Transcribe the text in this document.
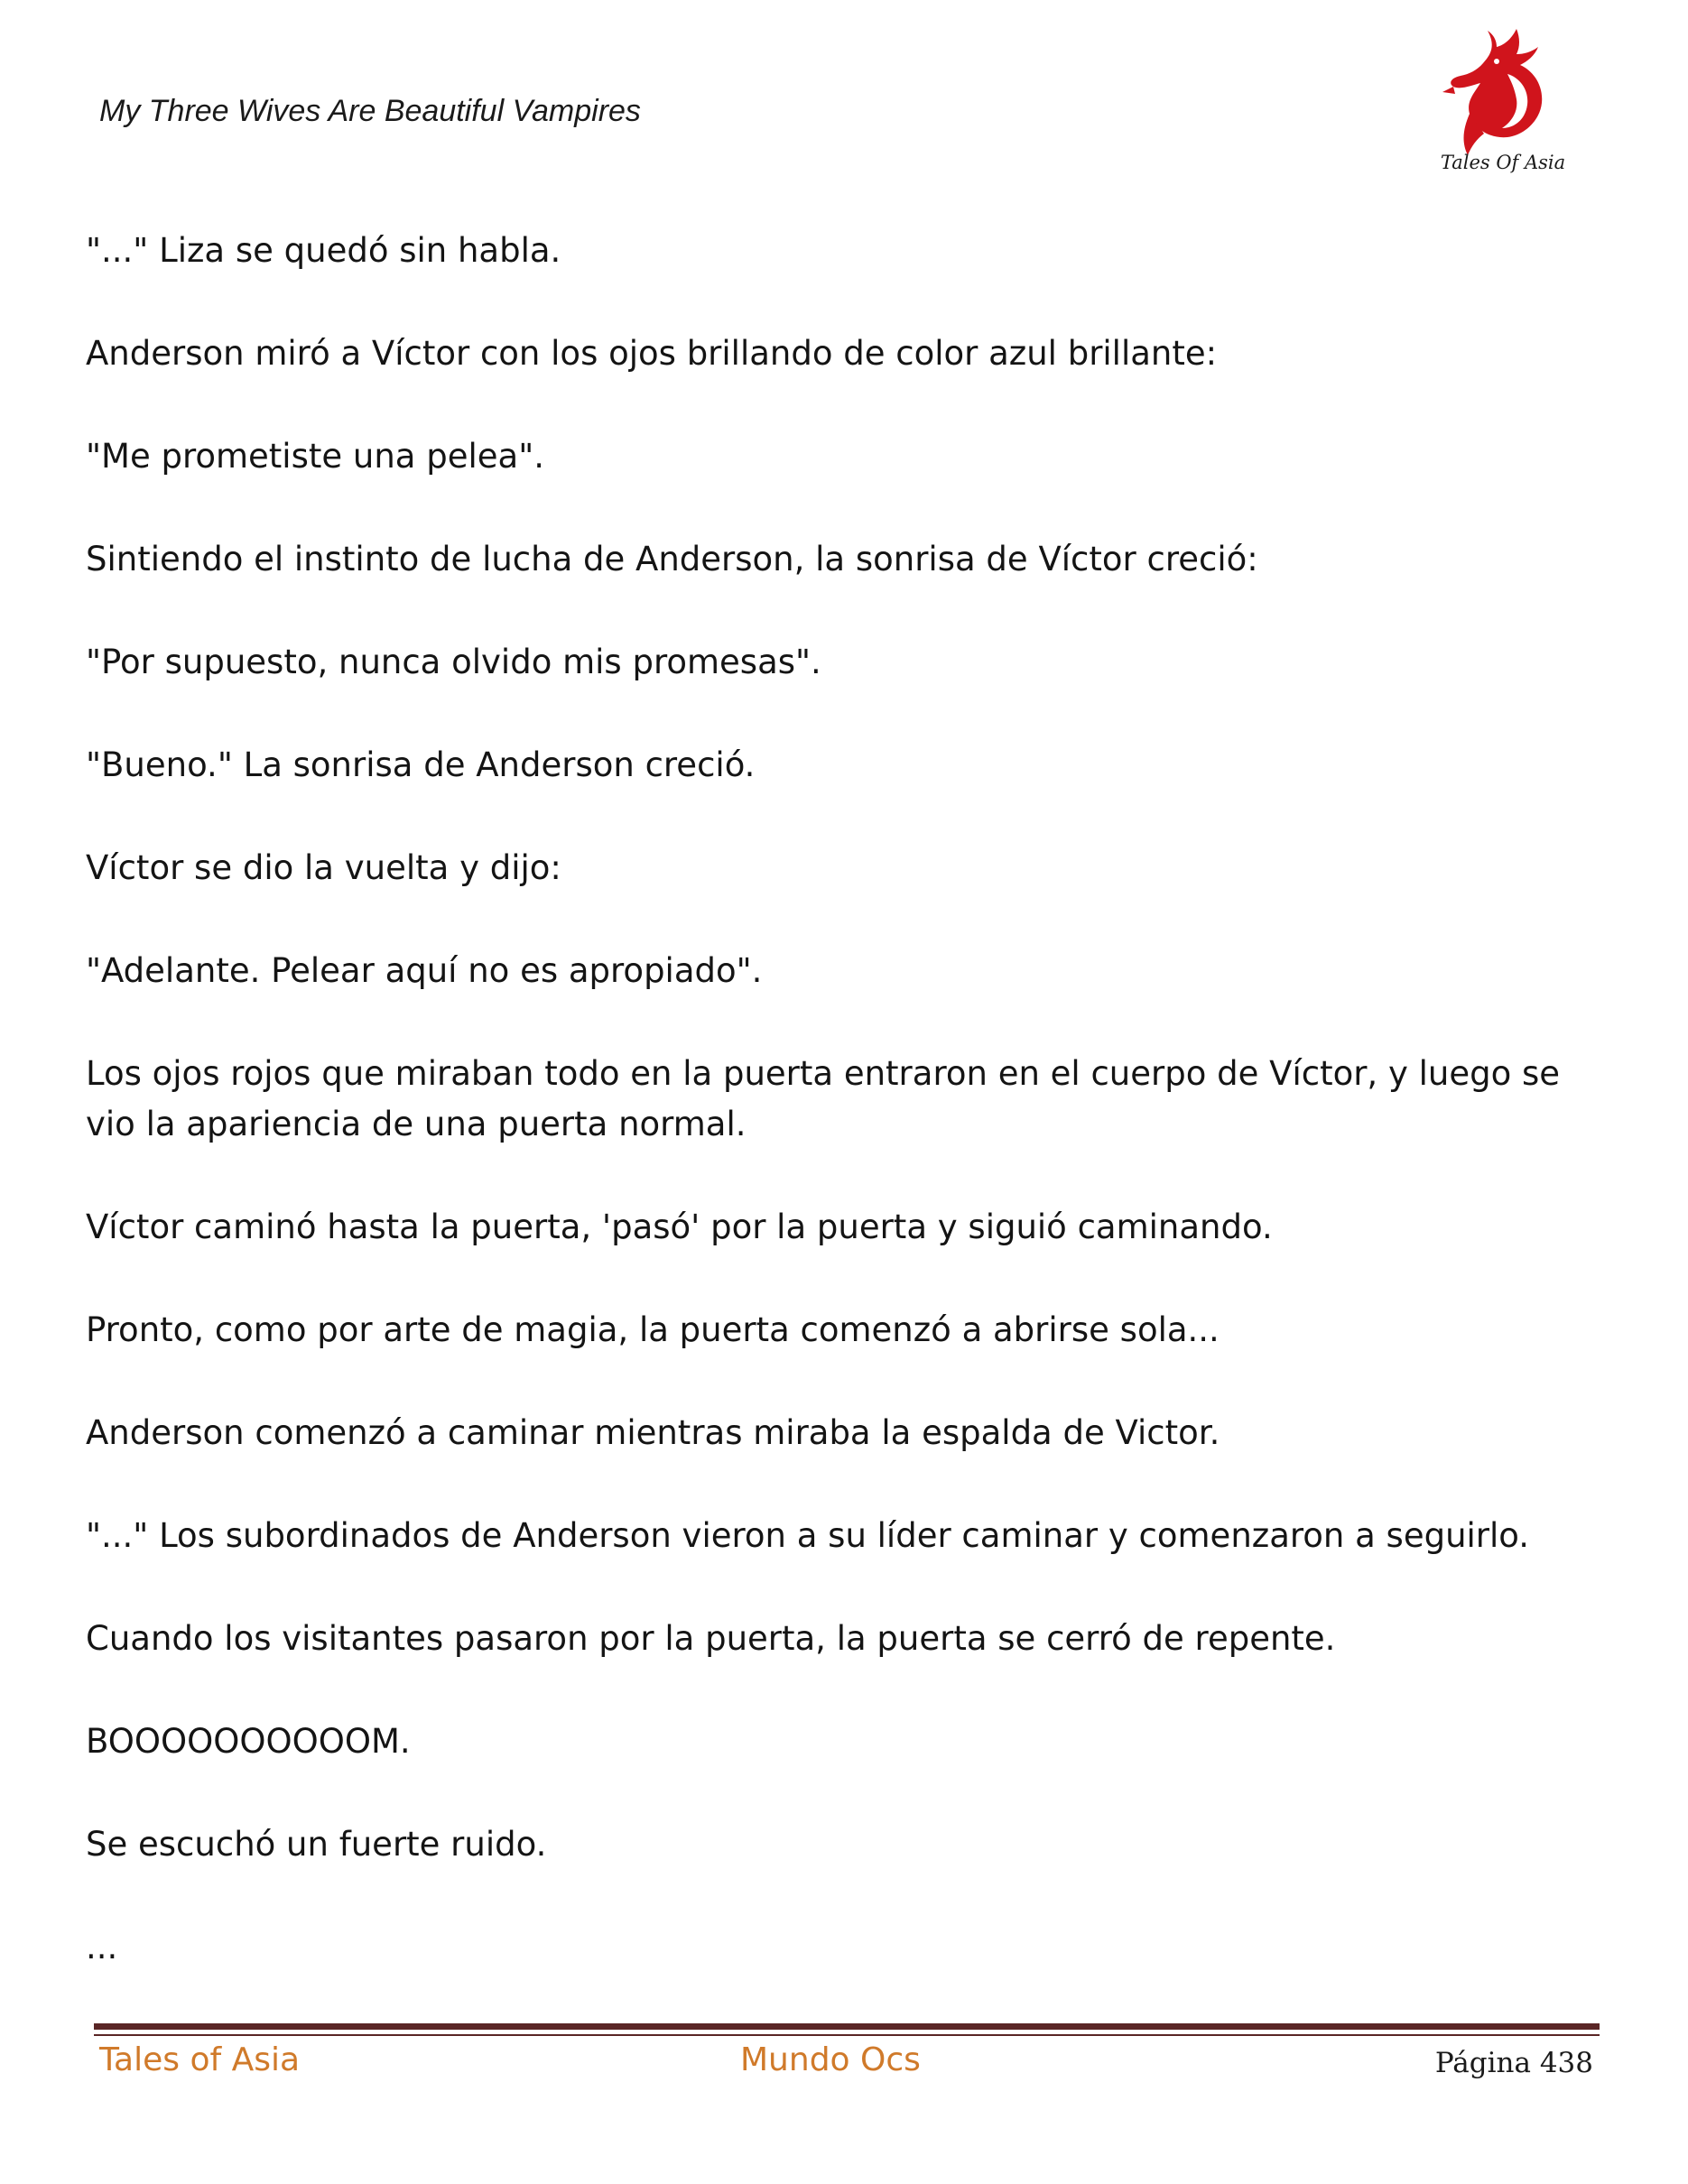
My Three Wives Are Beautiful Vampires
Tales Of Asia

"..." Liza se quedó sin habla.

Anderson miró a Víctor con los ojos brillando de color azul brillante:

"Me prometiste una pelea".

Sintiendo el instinto de lucha de Anderson, la sonrisa de Víctor creció:

"Por supuesto, nunca olvido mis promesas".

"Bueno." La sonrisa de Anderson creció.

Víctor se dio la vuelta y dijo:

"Adelante. Pelear aquí no es apropiado".

Los ojos rojos que miraban todo en la puerta entraron en el cuerpo de Víctor, y luego se vio la apariencia de una puerta normal.

Víctor caminó hasta la puerta, 'pasó' por la puerta y siguió caminando.

Pronto, como por arte de magia, la puerta comenzó a abrirse sola...

Anderson comenzó a caminar mientras miraba la espalda de Victor.

"..." Los subordinados de Anderson vieron a su líder caminar y comenzaron a seguirlo.

Cuando los visitantes pasaron por la puerta, la puerta se cerró de repente.

BOOOOOOOOOOM.

Se escuchó un fuerte ruido.

...

Tales of Asia	Mundo Ocs	Página 438
